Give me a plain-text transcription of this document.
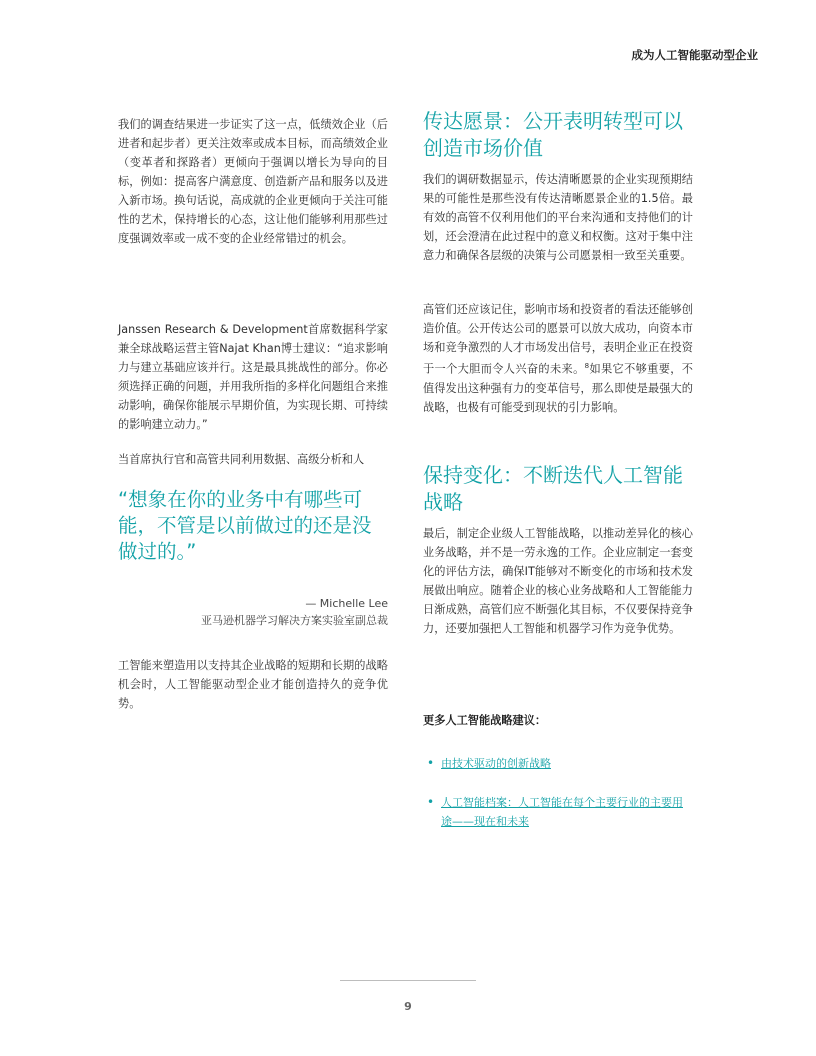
成为人工智能驱动型企业

我们的调查结果进一步证实了这一点，低绩效企业（后进者和起步者）更关注效率或成本目标，而高绩效企业（变革者和探路者）更倾向于强调以增长为导向的目标，例如：提高客户满意度、创造新产品和服务以及进入新市场。换句话说，高成就的企业更倾向于关注可能性的艺术，保持增长的心态，这让他们能够利用那些过度强调效率或一成不变的企业经常错过的机会。

Janssen Research & Development首席数据科学家兼全球战略运营主管Najat Khan博士建议：“追求影响力与建立基础应该并行。这是最具挑战性的部分。你必须选择正确的问题，并用我所指的多样化问题组合来推动影响，确保你能展示早期价值，为实现长期、可持续的影响建立动力。”

当首席执行官和高管共同利用数据、高级分析和人

“想象在你的业务中有哪些可能，不管是以前做过的还是没做过的。”

— Michelle Lee
亚马逊机器学习解决方案实验室副总裁

工智能来塑造用以支持其企业战略的短期和长期的战略机会时，人工智能驱动型企业才能创造持久的竞争优势。

传达愿景：公开表明转型可以创造市场价值

我们的调研数据显示，传达清晰愿景的企业实现预期结果的可能性是那些没有传达清晰愿景企业的1.5倍。最有效的高管不仅利用他们的平台来沟通和支持他们的计划，还会澄清在此过程中的意义和权衡。这对于集中注意力和确保各层级的决策与公司愿景相一致至关重要。

高管们还应该记住，影响市场和投资者的看法还能够创造价值。公开传达公司的愿景可以放大成功，向资本市场和竞争激烈的人才市场发出信号，表明企业正在投资于一个大胆而令人兴奋的未来。$^8$如果它不够重要，不值得发出这种强有力的变革信号，那么即使是最强大的战略，也极有可能受到现状的引力影响。

保持变化：不断迭代人工智能战略

最后，制定企业级人工智能战略，以推动差异化的核心业务战略，并不是一劳永逸的工作。企业应制定一套变化的评估方法，确保IT能够对不断变化的市场和技术发展做出响应。随着企业的核心业务战略和人工智能能力日渐成熟，高管们应不断强化其目标，不仅要保持竞争力，还要加强把人工智能和机器学习作为竞争优势。

更多人工智能战略建议：
• 由技术驱动的创新战略
• 人工智能档案：人工智能在每个主要行业的主要用途——现在和未来
9
